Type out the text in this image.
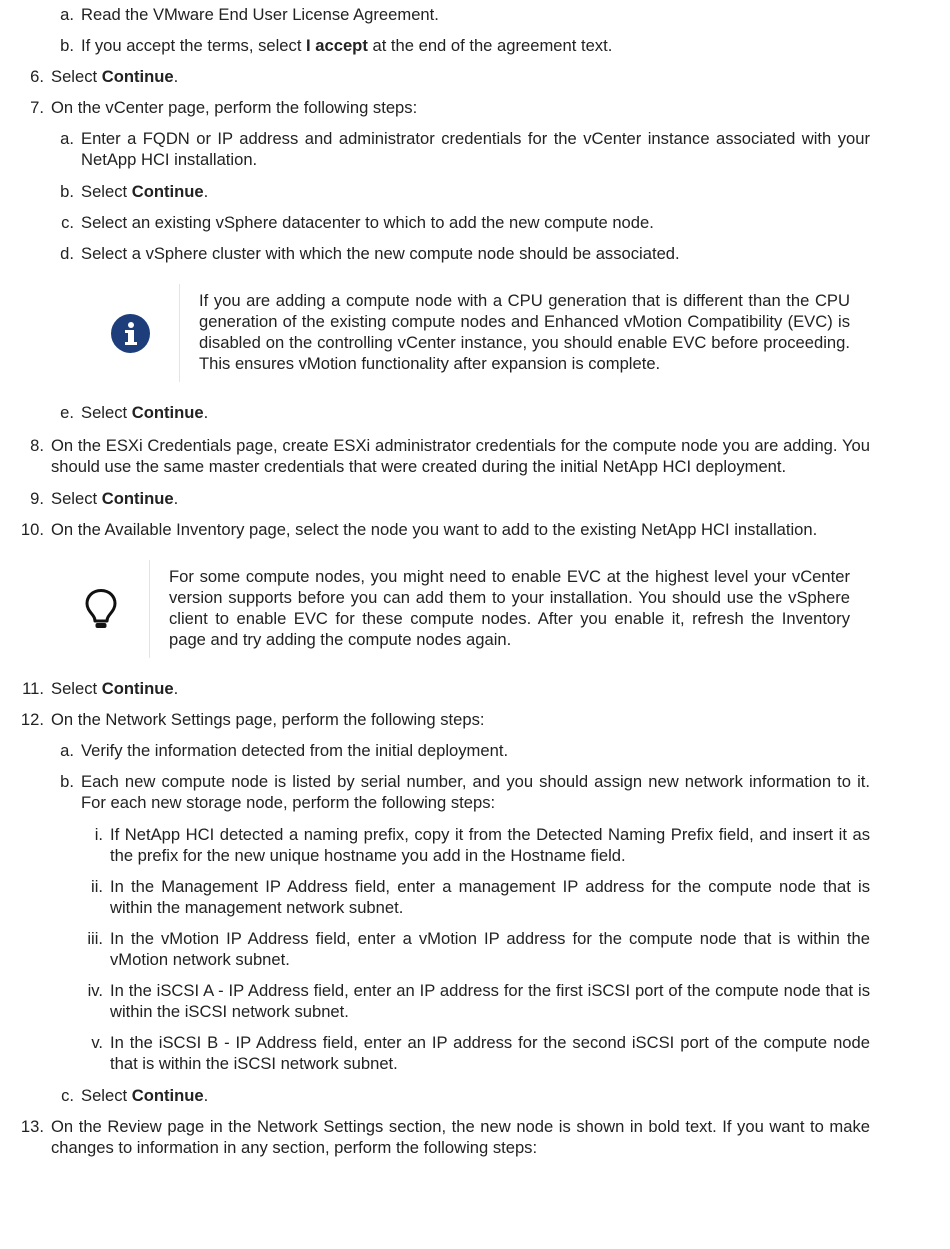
a. Read the VMware End User License Agreement.
b. If you accept the terms, select I accept at the end of the agreement text.
6. Select Continue.
7. On the vCenter page, perform the following steps:
a. Enter a FQDN or IP address and administrator credentials for the vCenter instance associated with your NetApp HCI installation.
b. Select Continue.
c. Select an existing vSphere datacenter to which to add the new compute node.
d. Select a vSphere cluster with which the new compute node should be associated.
e. Select Continue.
8. On the ESXi Credentials page, create ESXi administrator credentials for the compute node you are adding. You should use the same master credentials that were created during the initial NetApp HCI deployment.
9. Select Continue.
10. On the Available Inventory page, select the node you want to add to the existing NetApp HCI installation.
11. Select Continue.
12. On the Network Settings page, perform the following steps:
a. Verify the information detected from the initial deployment.
b. Each new compute node is listed by serial number, and you should assign new network information to it. For each new storage node, perform the following steps:
i. If NetApp HCI detected a naming prefix, copy it from the Detected Naming Prefix field, and insert it as the prefix for the new unique hostname you add in the Hostname field.
ii. In the Management IP Address field, enter a management IP address for the compute node that is within the management network subnet.
iii. In the vMotion IP Address field, enter a vMotion IP address for the compute node that is within the vMotion network subnet.
iv. In the iSCSI A - IP Address field, enter an IP address for the first iSCSI port of the compute node that is within the iSCSI network subnet.
v. In the iSCSI B - IP Address field, enter an IP address for the second iSCSI port of the compute node that is within the iSCSI network subnet.
c. Select Continue.
13. On the Review page in the Network Settings section, the new node is shown in bold text. If you want to make changes to information in any section, perform the following steps:
If you are adding a compute node with a CPU generation that is different than the CPU generation of the existing compute nodes and Enhanced vMotion Compatibility (EVC) is disabled on the controlling vCenter instance, you should enable EVC before proceeding. This ensures vMotion functionality after expansion is complete.
For some compute nodes, you might need to enable EVC at the highest level your vCenter version supports before you can add them to your installation. You should use the vSphere client to enable EVC for these compute nodes. After you enable it, refresh the Inventory page and try adding the compute nodes again.
